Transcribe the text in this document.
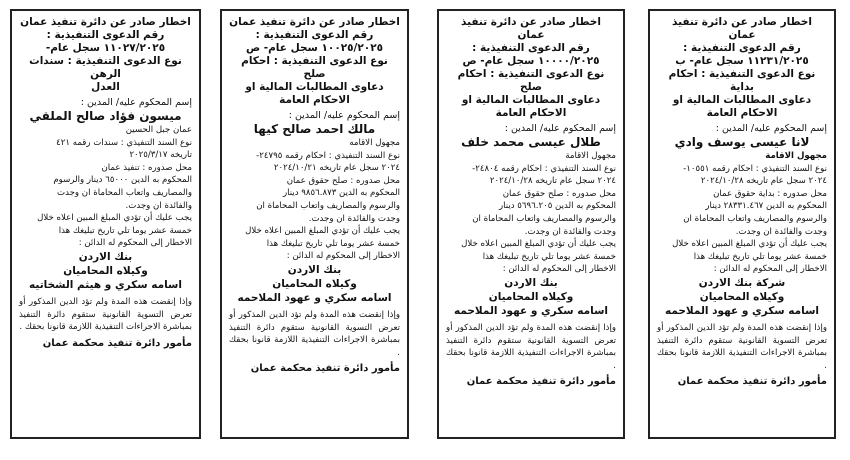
اخطار صادر عن دائرة تنفيذ عمان
رقم الدعوى التنفيذية :
١١٢٣١/٢٠٢٥ سجل عام- ب
نوع الدعوى التنفيذية : احكام بداية
دعاوى المطالبات المالية او الاحكام العامة
إسم المحكوم عليه/ المدين :
لانا عيسى يوسف وادي
مجهول الاقامة
نوع السند التنفيذي : احكام رقمه ١٠٥٥١-
٢٠٢٤ سجل عام تاريخه ٢٠٢٤/١٠/٢٨
محل صدوره : بداية حقوق عمان
المحكوم به الدين ٢٨٣٣١.٤٦٧ دينار
والرسوم والمصاريف واتعاب المحاماة ان
وجدت والفائدة ان وجدت.
يجب عليك أن تؤدي المبلغ المبين اعلاه خلال
خمسة عشر يوما تلي تاريخ تبليغك هذا
الاخطار إلى المحكوم له الدائن :
شركة بنك الاردن
وكيلاه المحاميان
اسامه سكري و عهود الملاحمه
وإذا إنقضت هذه المدة ولم تؤد الدين المذكور أو تعرض التسوية القانونية ستقوم دائرة التنفيذ بمباشرة الاجراءات التنفيذية اللازمة قانونا بحقك .
مأمور دائرة تنفيذ محكمة عمان
اخطار صادر عن دائرة تنفيذ عمان
رقم الدعوى التنفيذية :
١٠٠٠٠/٢٠٢٥ سجل عام- ص
نوع الدعوى التنفيذية : احكام صلح
دعاوى المطالبات المالية او الاحكام العامة
إسم المحكوم عليه/ المدين :
طلال عيسى محمد خلف
مجهول الاقامة
نوع السند التنفيذي : احكام رقمه ٢٤٨٠٤-
٢٠٢٤ سجل عام تاريخه ٢٠٢٤/١٠/٢٨
محل صدوره : صلح حقوق عمان
المحكوم به الدين ٥٦٩٦.٢٠٥ دينار
والرسوم والمصاريف واتعاب المحاماة ان
وجدت والفائدة ان وجدت.
يجب عليك أن تؤدي المبلغ المبين اعلاه خلال
خمسة عشر يوما تلي تاريخ تبليغك هذا
الاخطار إلى المحكوم له الدائن :
بنك الاردن
وكيلاه المحاميان
اسامه سكري و عهود الملاحمه
وإذا إنقضت هذه المدة ولم تؤد الدين المذكور أو تعرض التسوية القانونية ستقوم دائرة التنفيذ بمباشرة الاجراءات التنفيذية اللازمة قانونا بحقك .
مأمور دائرة تنفيذ محكمة عمان
اخطار صادر عن دائرة تنفيذ عمان
رقم الدعوى التنفيذية :
١٠٠٢٥/٢٠٢٥ سجل عام- ص
نوع الدعوى التنفيذية : احكام صلح
دعاوى المطالبات المالية او الاحكام العامة
إسم المحكوم عليه/ المدين :
مالك احمد صالح كيها
مجهول الاقامه
نوع السند التنفيذي : احكام رقمه ٢٤٧٩٥-
٢٠٢٤ سجل عام تاريخه ٢٠٢٤/١٠/٢١
محل صدوره : صلح حقوق عمان
المحكوم به الدين ٩٨٥٦.٨٧٣ دينار
والرسوم والمصاريف واتعاب المحاماة ان
وجدت والفائدة ان وجدت.
يجب عليك أن تؤدي المبلغ المبين اعلاه خلال
خمسة عشر يوما تلي تاريخ تبليغك هذا
الاخطار إلى المحكوم له الدائن :
بنك الاردن
وكيلاه المحاميان
اسامه سكري و عهود الملاحمه
وإذا إنقضت هذه المدة ولم تؤد الدين المذكور أو تعرض التسوية القانونية ستقوم دائرة التنفيذ بمباشرة الاجراءات التنفيذية اللازمة قانونا بحقك .
مأمور دائرة تنفيذ محكمة عمان
اخطار صادر عن دائرة تنفيذ عمان
رقم الدعوى التنفيذية :
١١٠٢٧/٢٠٢٥ سجل عام-
نوع الدعوى التنفيذية : سندات الرهن
العدل
إسم المحكوم عليه/ المدين :
ميسون فؤاد صالح الملقي
عمان جبل الحسين
نوع السند التنفيذي : سندات رقمه ٤٢١
تاريخه ٢٠٢٥/٣/١٧
محل صدوره : تنفيذ عمان
المحكوم به الدين ٦٥٠٠٠ دينار والرسوم
والمصاريف واتعاب المحاماة ان وجدت
والفائدة ان وجدت.
يجب عليك أن تؤدي المبلغ المبين اعلاه خلال
خمسة عشر يوما تلي تاريخ تبليغك هذا
الاخطار إلى المحكوم له الدائن :
بنك الاردن
وكيلاه المحاميان
اسامه سكري و هيثم الشخاتيه
وإذا إنقضت هذه المدة ولم تؤد الدين المذكور أو تعرض التسوية القانونية ستقوم دائرة التنفيذ بمباشرة الاجراءات التنفيذية اللازمة قانونا بحقك .
مأمور دائرة تنفيذ محكمة عمان
